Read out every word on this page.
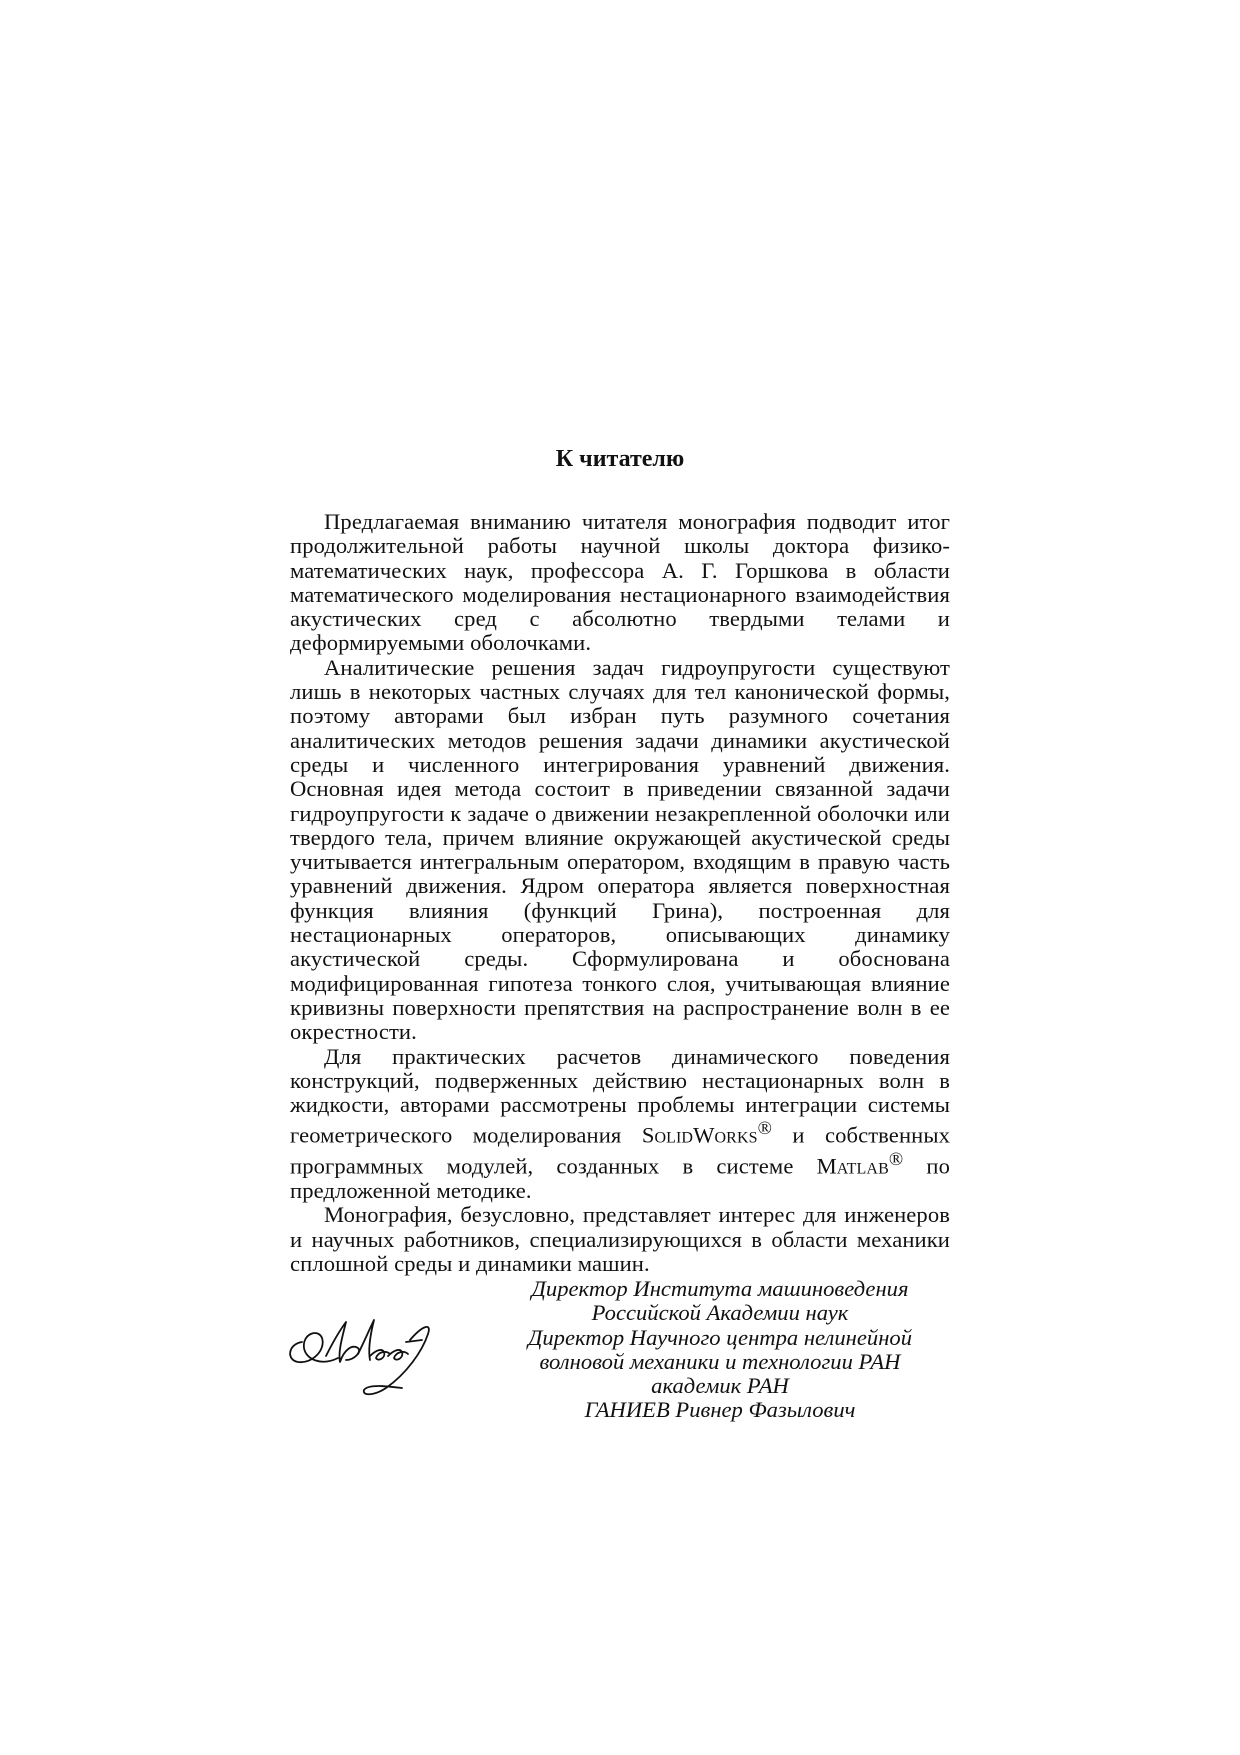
К читателю

Предлагаемая вниманию читателя монография подводит итог продолжительной работы научной школы доктора физико-математических наук, профессора А. Г. Горшкова в области математического моделирования нестационарного взаимодействия акустических сред с абсолютно твердыми телами и деформируемыми оболочками.

Аналитические решения задач гидроупругости существуют лишь в некоторых частных случаях для тел канонической формы, поэтому авторами был избран путь разумного сочетания аналитических методов решения задачи динамики акустической среды и численного интегрирования уравнений движения. Основная идея метода состоит в приведении связанной задачи гидроупругости к задаче о движении незакрепленной оболочки или твердого тела, причем влияние окружающей акустической среды учитывается интегральным оператором, входящим в правую часть уравнений движения. Ядром оператора является поверхностная функция влияния (функций Грина), построенная для нестационарных операторов, описывающих динамику акустической среды. Сформулирована и обоснована модифицированная гипотеза тонкого слоя, учитывающая влияние кривизны поверхности препятствия на распространение волн в ее окрестности.

Для практических расчетов динамического поведения конструкций, подверженных действию нестационарных волн в жидкости, авторами рассмотрены проблемы интеграции системы геометрического моделирования SolidWorks® и собственных программных модулей, созданных в системе Matlab® по предложенной методике.

Монография, безусловно, представляет интерес для инженеров и научных работников, специализирующихся в области механики сплошной среды и динамики машин.

Директор Института машиноведения
Российской Академии наук
Директор Научного центра нелинейной
волновой механики и технологии РАН
академик РАН
ГАНИЕВ Ривнер Фазылович
